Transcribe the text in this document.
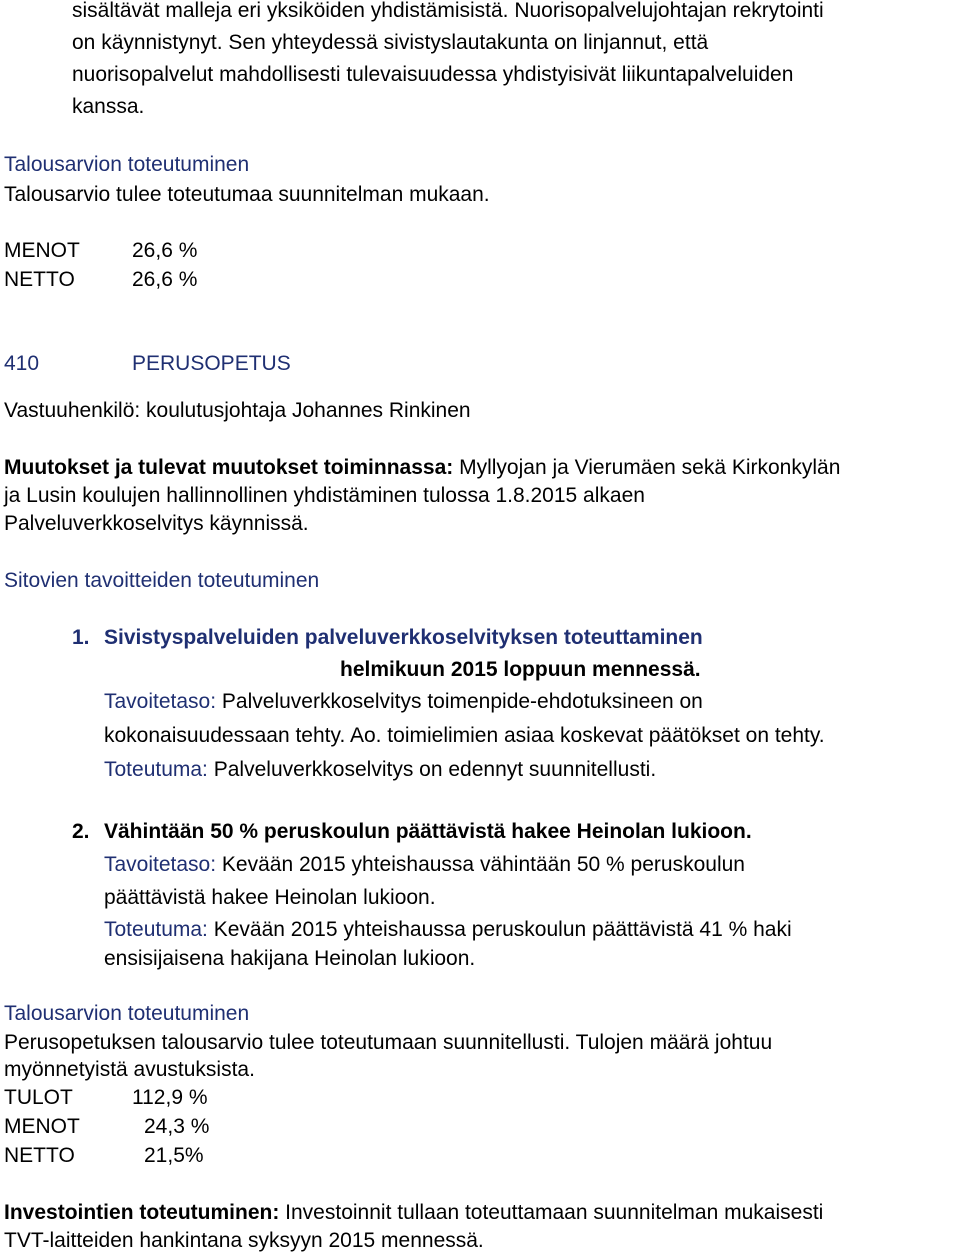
sisältävät malleja eri yksiköiden yhdistämisistä. Nuorisopalvelujohtajan rekrytointi
on käynnistynyt. Sen yhteydessä sivistyslautakunta on linjannut, että
nuorisopalvelut mahdollisesti tulevaisuudessa yhdistyisivät liikuntapalveluiden
kanssa.
Talousarvion toteutuminen
Talousarvio tulee toteutumaa suunnitelman mukaan.
MENOT 26,6 %
NETTO	26,6 %
410	PERUSOPETUS
Vastuuhenkilö: koulutusjohtaja Johannes Rinkinen
Muutokset ja tulevat muutokset toiminnassa: Myllyojan ja Vierumäen sekä Kirkonkylän
ja Lusin koulujen hallinnollinen yhdistäminen tulossa 1.8.2015 alkaen
Palveluverkkoselvitys käynnissä.
Sitovien tavoitteiden toteutuminen
1. Sivistyspalveluiden palveluverkkoselvityksen toteuttaminen
helmikuun 2015 loppuun mennessä.
Tavoitetaso: Palveluverkkoselvitys toimenpide-ehdotuksineen on
kokonaisuudessaan tehty. Ao. toimielimien asiaa koskevat päätökset on tehty.
Toteutuma: Palveluverkkoselvitys on edennyt suunnitellusti.
2. Vähintään 50 % peruskoulun päättävistä hakee Heinolan lukioon.
Tavoitetaso: Kevään 2015 yhteishaussa vähintään 50 % peruskoulun
päättävistä hakee Heinolan lukioon.
Toteutuma: Kevään 2015 yhteishaussa peruskoulun päättävistä 41 % haki
ensisijaisena hakijana Heinolan lukioon.
Talousarvion toteutuminen
Perusopetuksen talousarvio tulee toteutumaan suunnitellusti. Tulojen määrä johtuu
myönnetyistä avustuksista.
TULOT	112,9 %
MENOT	24,3 %
NETTO	21,5%
Investointien toteutuminen: Investoinnit tullaan toteuttamaan suunnitelman mukaisesti
TVT-laitteiden hankintana syksyyn 2015 mennessä.
